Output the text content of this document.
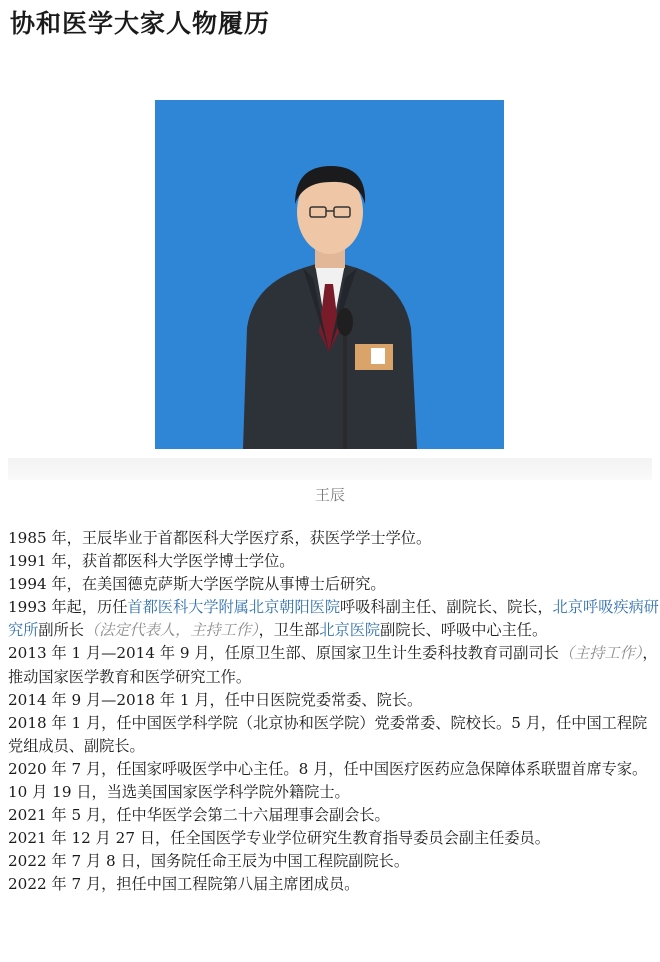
协和医学大家人物履历
王辰

1985 年，王辰毕业于首都医科大学医疗系，获医学学士学位。

1991 年，获首都医科大学医学博士学位。

1994 年，在美国德克萨斯大学医学院从事博士后研究。

1993 年起，历任首都医科大学附属北京朝阳医院呼吸科副主任、副院长、院长，北京呼吸疾病研究所副所长（法定代表人，主持工作），卫生部北京医院副院长、呼吸中心主任。

2013 年 1 月—2014 年 9 月，任原卫生部、原国家卫生计生委科技教育司副司长（主持工作），推动国家医学教育和医学研究工作。

2014 年 9 月—2018 年 1 月，任中日医院党委常委、院长。

2018 年 1 月，任中国医学科学院（北京协和医学院）党委常委、院校长。5 月，任中国工程院党组成员、副院长。

2020 年 7 月，任国家呼吸医学中心主任。8 月，任中国医疗医药应急保障体系联盟首席专家。10 月 19 日，当选美国国家医学科学院外籍院士。

2021 年 5 月，任中华医学会第二十六届理事会副会长。

2021 年 12 月 27 日，任全国医学专业学位研究生教育指导委员会副主任委员。

2022 年 7 月 8 日，国务院任命王辰为中国工程院副院长。

2022 年 7 月，担任中国工程院第八届主席团成员。
